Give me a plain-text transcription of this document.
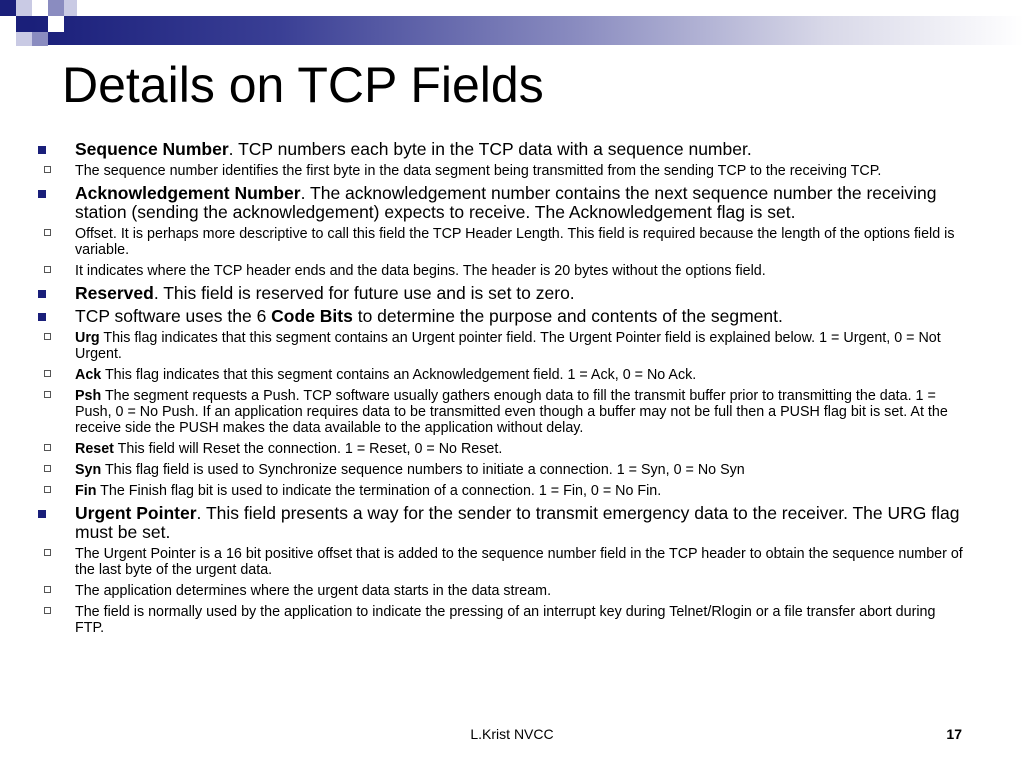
Details on TCP Fields
Sequence Number. TCP numbers each byte in the TCP data with a sequence number.
The sequence number identifies the first byte in the data segment being transmitted from the sending TCP to the receiving TCP.
Acknowledgement Number. The acknowledgement number contains the next sequence number the receiving station (sending the acknowledgement) expects to receive. The Acknowledgement flag is set.
Offset. It is perhaps more descriptive to call this field the TCP Header Length. This field is required because the length of the options field is variable.
It indicates where the TCP header ends and the data begins. The header is 20 bytes without the options field.
Reserved. This field is reserved for future use and is set to zero.
TCP software uses the 6 Code Bits to determine the purpose and contents of the segment.
Urg This flag indicates that this segment contains an Urgent pointer field. The Urgent Pointer field is explained below. 1 = Urgent, 0 = Not Urgent.
Ack This flag indicates that this segment contains an Acknowledgement field. 1 = Ack, 0 = No Ack.
Psh The segment requests a Push. TCP software usually gathers enough data to fill the transmit buffer prior to transmitting the data. 1 = Push, 0 = No Push. If an application requires data to be transmitted even though a buffer may not be full then a PUSH flag bit is set. At the receive side the PUSH makes the data available to the application without delay.
Reset This field will Reset the connection. 1 = Reset, 0 = No Reset.
Syn This flag field is used to Synchronize sequence numbers to initiate a connection. 1 = Syn, 0 = No Syn
Fin The Finish flag bit is used to indicate the termination of a connection. 1 = Fin, 0 = No Fin.
Urgent Pointer. This field presents a way for the sender to transmit emergency data to the receiver. The URG flag must be set.
The Urgent Pointer is a 16 bit positive offset that is added to the sequence number field in the TCP header to obtain the sequence number of the last byte of the urgent data.
The application determines where the urgent data starts in the data stream.
The field is normally used by the application to indicate the pressing of an interrupt key during Telnet/Rlogin or a file transfer abort during FTP.
L.Krist NVCC	17
